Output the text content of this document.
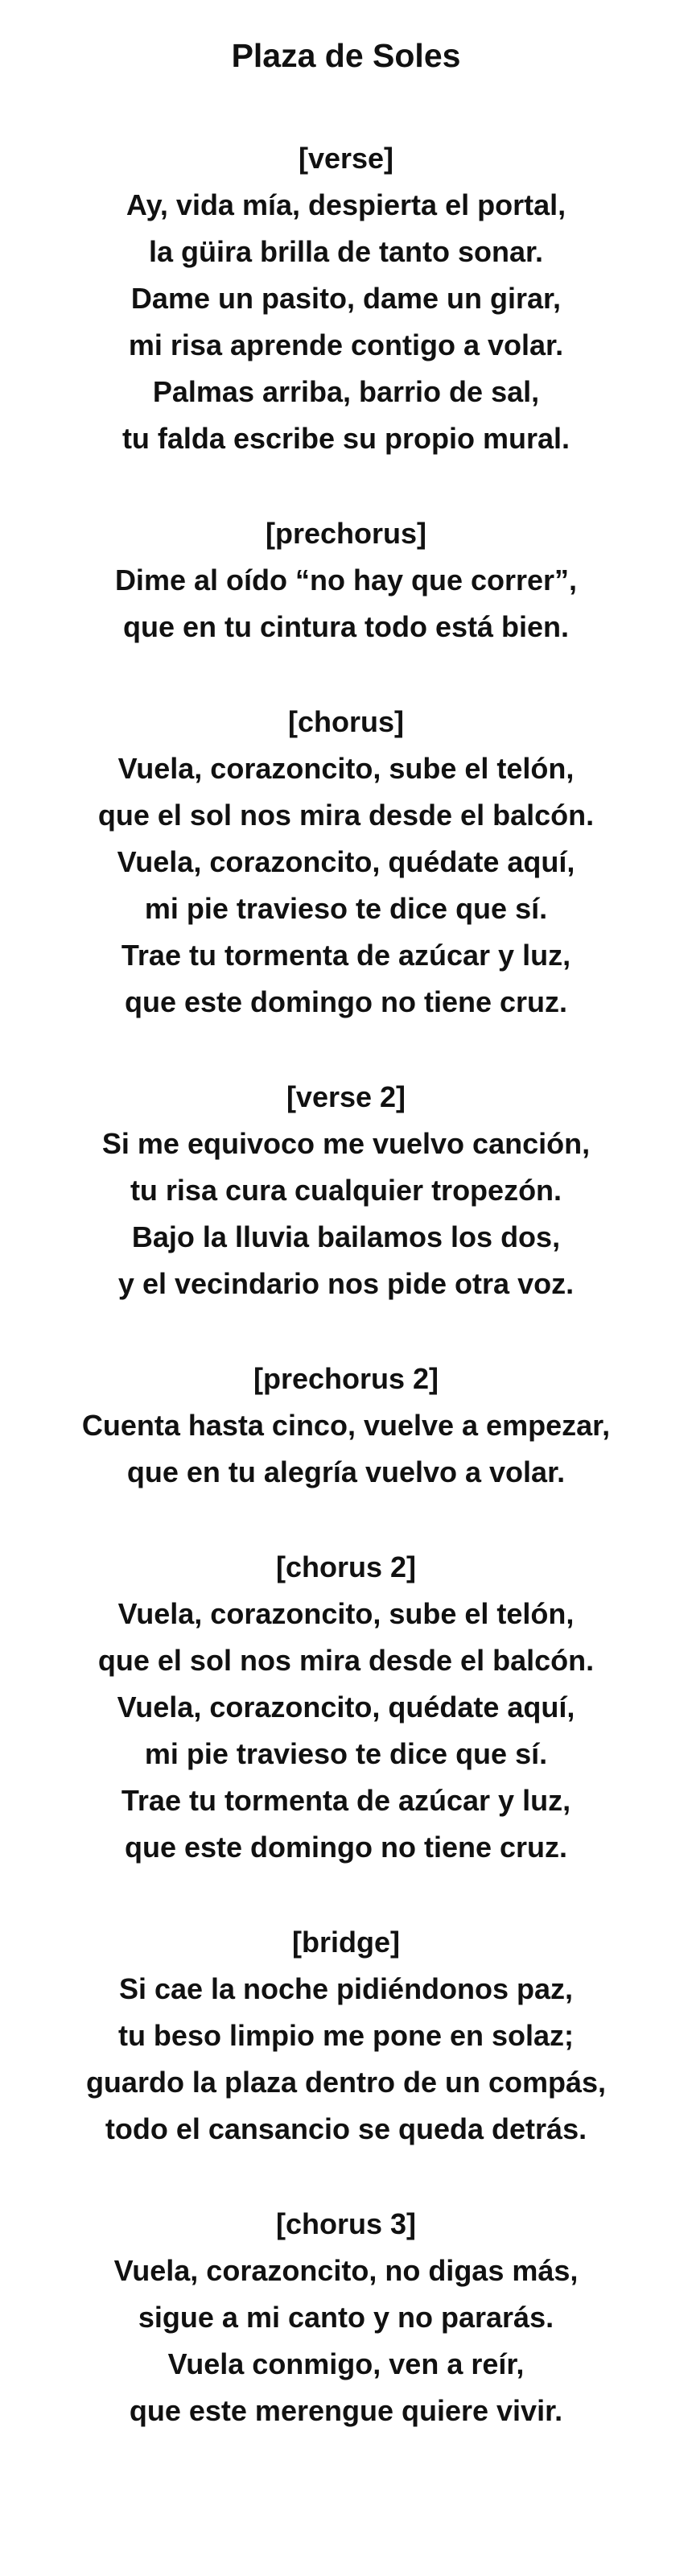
Plaza de Soles
[verse]
Ay, vida mía, despierta el portal,
la güira brilla de tanto sonar.
Dame un pasito, dame un girar,
mi risa aprende contigo a volar.
Palmas arriba, barrio de sal,
tu falda escribe su propio mural.
[prechorus]
Dime al oído “no hay que correr”,
que en tu cintura todo está bien.
[chorus]
Vuela, corazoncito, sube el telón,
que el sol nos mira desde el balcón.
Vuela, corazoncito, quédate aquí,
mi pie travieso te dice que sí.
Trae tu tormenta de azúcar y luz,
que este domingo no tiene cruz.
[verse 2]
Si me equivoco me vuelvo canción,
tu risa cura cualquier tropezón.
Bajo la lluvia bailamos los dos,
y el vecindario nos pide otra voz.
[prechorus 2]
Cuenta hasta cinco, vuelve a empezar,
que en tu alegría vuelvo a volar.
[chorus 2]
Vuela, corazoncito, sube el telón,
que el sol nos mira desde el balcón.
Vuela, corazoncito, quédate aquí,
mi pie travieso te dice que sí.
Trae tu tormenta de azúcar y luz,
que este domingo no tiene cruz.
[bridge]
Si cae la noche pidiéndonos paz,
tu beso limpio me pone en solaz;
guardo la plaza dentro de un compás,
todo el cansancio se queda detrás.
[chorus 3]
Vuela, corazoncito, no digas más,
sigue a mi canto y no pararás.
Vuela conmigo, ven a reír,
que este merengue quiere vivir.
